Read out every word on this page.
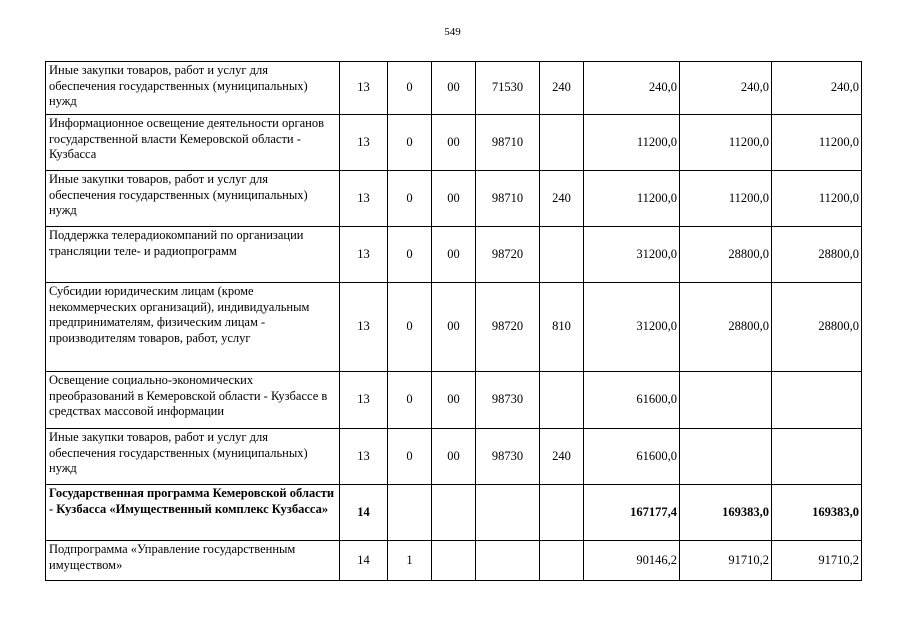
549
Иные закупки товаров, работ и услуг для обеспечения государственных (муниципальных) нужд	13	0	00	71530	240	240,0	240,0	240,0
Информационное освещение деятельности органов государственной власти Кемеровской области - Кузбасса	13	0	00	98710		11200,0	11200,0	11200,0
Иные закупки товаров, работ и услуг для обеспечения государственных (муниципальных) нужд	13	0	00	98710	240	11200,0	11200,0	11200,0
Поддержка телерадиокомпаний по организации трансляции теле- и радиопрограмм	13	0	00	98720		31200,0	28800,0	28800,0
Субсидии юридическим лицам (кроме некоммерческих организаций), индивидуальным предпринимателям, физическим лицам - производителям товаров, работ, услуг	13	0	00	98720	810	31200,0	28800,0	28800,0
Освещение социально-экономических преобразований в Кемеровской области - Кузбассе в средствах массовой информации	13	0	00	98730		61600,0		
Иные закупки товаров, работ и услуг для обеспечения государственных (муниципальных) нужд	13	0	00	98730	240	61600,0		
Государственная программа Кемеровской области - Кузбасса «Имущественный комплекс Кузбасса»	14					167177,4	169383,0	169383,0
Подпрограмма «Управление государственным имуществом»	14	1				90146,2	91710,2	91710,2
